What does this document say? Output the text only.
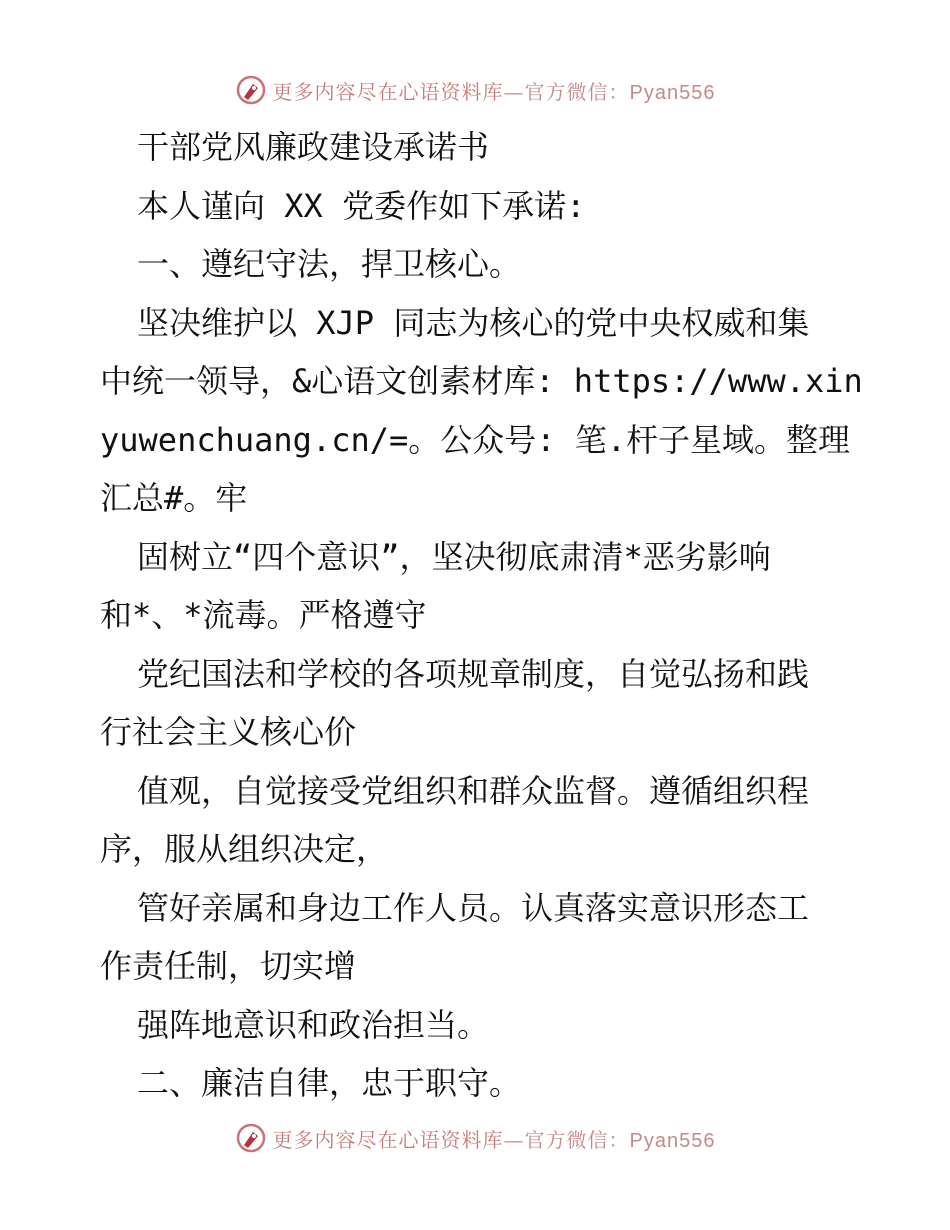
更多内容尽在心语资料库—官方微信：Pyan556
干部党风廉政建设承诺书
本人谨向 XX 党委作如下承诺:
一、遵纪守法，捍卫核心。
坚决维护以 XJP 同志为核心的党中央权威和集
中统一领导，&心语文创素材库: https://www.xin
yuwenchuang.cn/=。公众号: 笔.杆子星域。整理
汇总#。牢
固树立“四个意识”，坚决彻底肃清*恶劣影响
和*、*流毒。严格遵守
党纪国法和学校的各项规章制度，自觉弘扬和践
行社会主义核心价
值观，自觉接受党组织和群众监督。遵循组织程
序，服从组织决定，
管好亲属和身边工作人员。认真落实意识形态工
作责任制，切实增
强阵地意识和政治担当。
二、廉洁自律，忠于职守。
更多内容尽在心语资料库—官方微信：Pyan556
